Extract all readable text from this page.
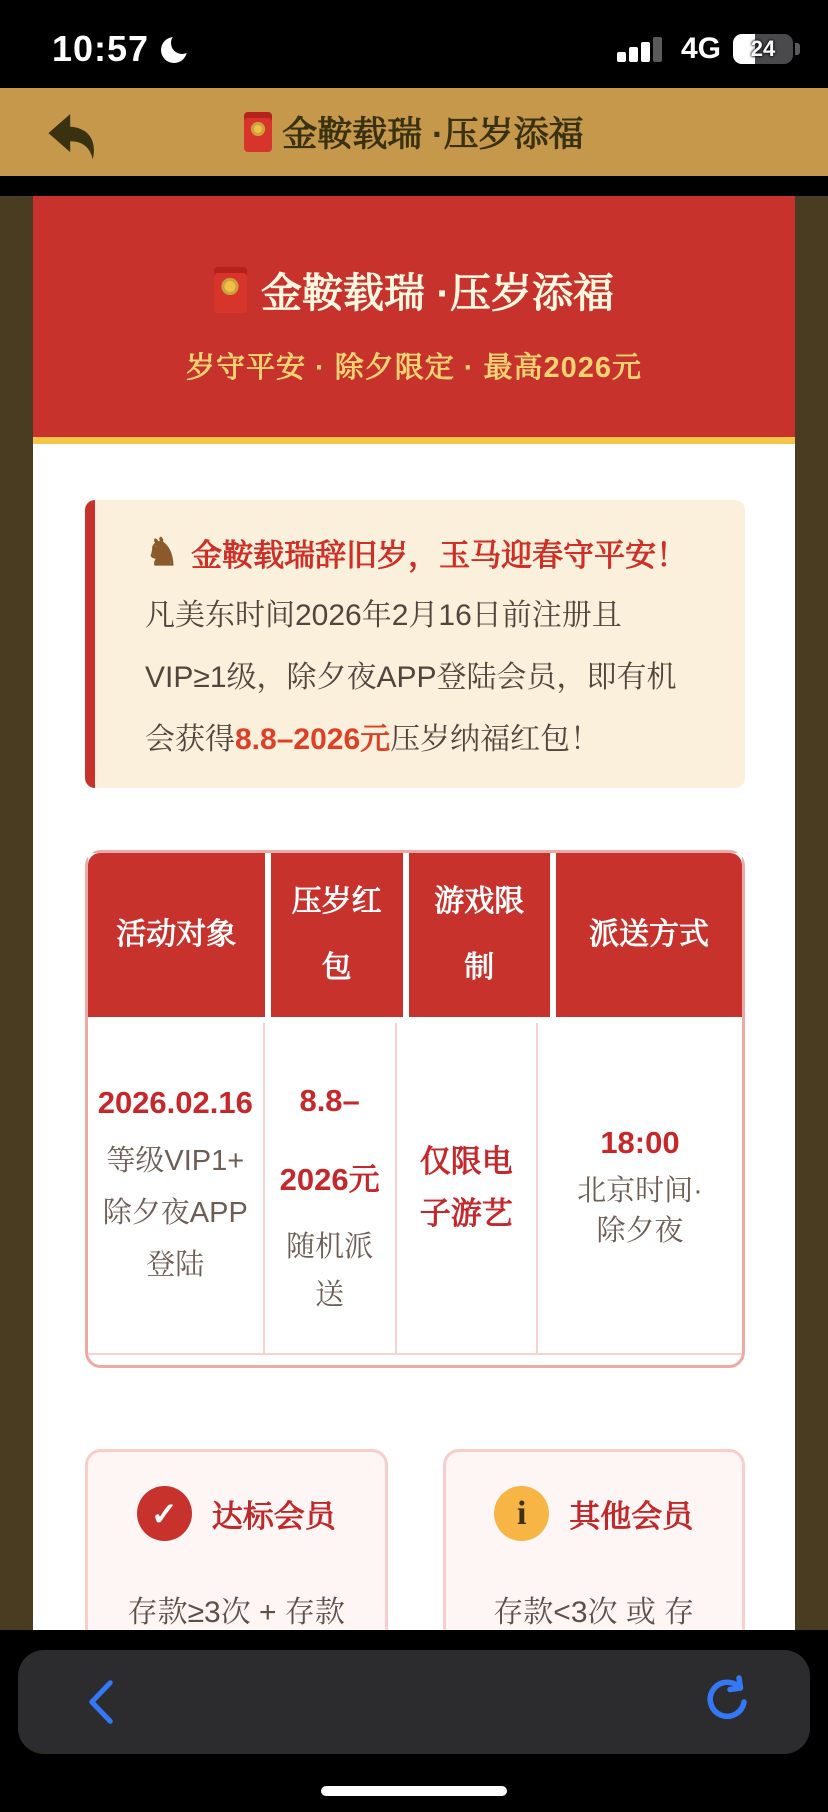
10:57	4G	24
金鞍载瑞 ·压岁添福
金鞍载瑞 ·压岁添福
岁守平安 · 除夕限定 · 最高2026元
♞ 金鞍载瑞辞旧岁，玉马迎春守平安！
凡美东时间2026年2月16日前注册且VIP≥1级，除夕夜APP登陆会员，即有机会获得8.8–2026元压岁纳福红包！
活动对象
压岁红
包
游戏限
制
派送方式
2026.02.16
等级VIP1+
除夕夜APP
登陆
8.8–
2026元
随机派
送
仅限电
子游艺
18:00
北京时间·
除夕夜
✓ 达标会员
存款≥3次 + 存款
i 其他会员
存款<3次 或 存
